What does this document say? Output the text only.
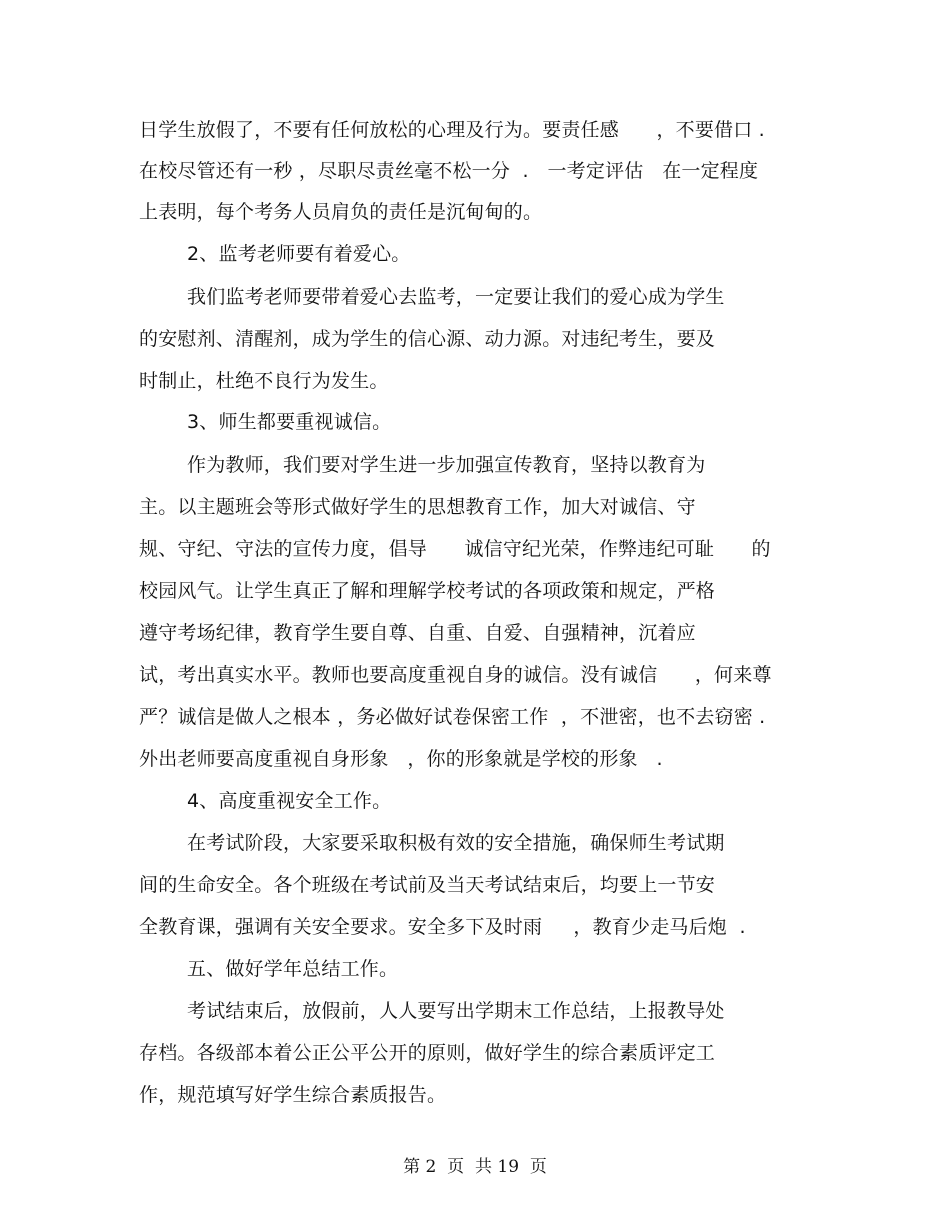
日学生放假了，不要有任何放松的心理及行为。要责任感      ，不要借口 .
在校尽管还有一秒 ，尽职尽责丝毫不松一分  .   一考定评估   在一定程度
上表明，每个考务人员肩负的责任是沉甸甸的。
2、监考老师要有着爱心。
我们监考老师要带着爱心去监考，一定要让我们的爱心成为学生
的安慰剂、清醒剂，成为学生的信心源、动力源。对违纪考生，要及
时制止，杜绝不良行为发生。
3、师生都要重视诚信。
作为教师，我们要对学生进一步加强宣传教育，坚持以教育为
主。以主题班会等形式做好学生的思想教育工作，加大对诚信、守
规、守纪、守法的宣传力度，倡导      诚信守纪光荣，作弊违纪可耻      的
校园风气。让学生真正了解和理解学校考试的各项政策和规定，严格
遵守考场纪律，教育学生要自尊、自重、自爱、自强精神，沉着应
试，考出真实水平。教师也要高度重视自身的诚信。没有诚信      ，何来尊
严？诚信是做人之根本 ，务必做好试卷保密工作  ，不泄密，也不去窃密 .
外出老师要高度重视自身形象   ，你的形象就是学校的形象   .
4、高度重视安全工作。
在考试阶段，大家要采取积极有效的安全措施，确保师生考试期
间的生命安全。各个班级在考试前及当天考试结束后，均要上一节安
全教育课，强调有关安全要求。安全多下及时雨     ，教育少走马后炮  .
五、做好学年总结工作。
考试结束后，放假前，人人要写出学期末工作总结，上报教导处
存档。各级部本着公正公平公开的原则，做好学生的综合素质评定工
作，规范填写好学生综合素质报告。
第 2  页  共 19  页
